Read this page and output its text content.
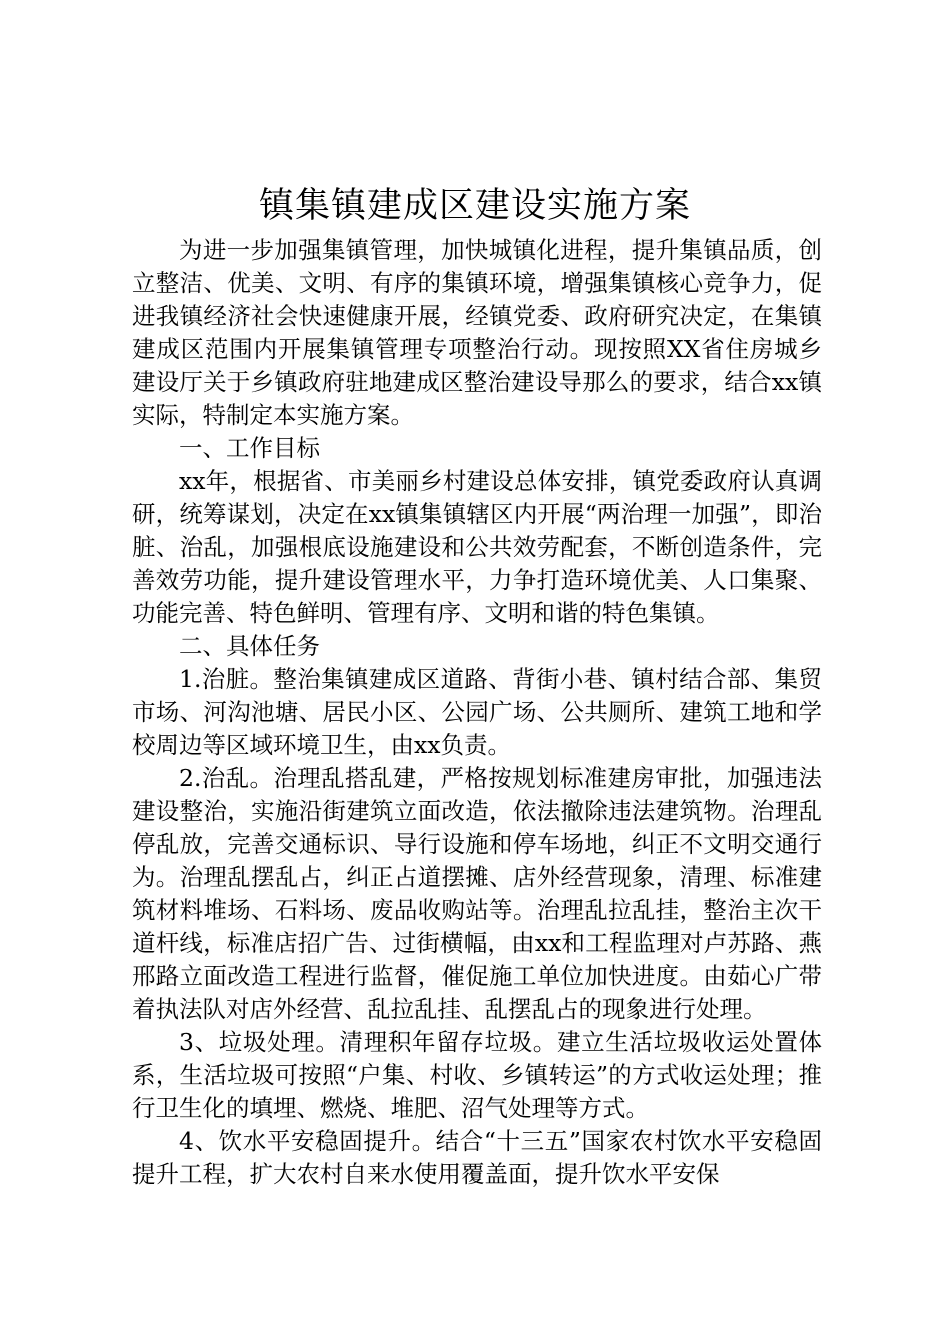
镇集镇建成区建设实施方案

为进一步加强集镇管理，加快城镇化进程，提升集镇品质，创立整洁、优美、文明、有序的集镇环境，增强集镇核心竞争力，促进我镇经济社会快速健康开展，经镇党委、政府研究决定，在集镇建成区范围内开展集镇管理专项整治行动。现按照XX省住房城乡建设厅关于乡镇政府驻地建成区整治建设导那么的要求，结合xx镇实际，特制定本实施方案。

一、工作目标

xx年，根据省、市美丽乡村建设总体安排，镇党委政府认真调研，统筹谋划，决定在xx镇集镇辖区内开展“两治理一加强”，即治脏、治乱，加强根底设施建设和公共效劳配套，不断创造条件，完善效劳功能，提升建设管理水平，力争打造环境优美、人口集聚、功能完善、特色鲜明、管理有序、文明和谐的特色集镇。

二、具体任务

1.治脏。整治集镇建成区道路、背街小巷、镇村结合部、集贸市场、河沟池塘、居民小区、公园广场、公共厕所、建筑工地和学校周边等区域环境卫生，由xx负责。

2.治乱。治理乱搭乱建，严格按规划标准建房审批，加强违法建设整治，实施沿街建筑立面改造，依法撤除违法建筑物。治理乱停乱放，完善交通标识、导行设施和停车场地，纠正不文明交通行为。治理乱摆乱占，纠正占道摆摊、店外经营现象，清理、标准建筑材料堆场、石料场、废品收购站等。治理乱拉乱挂，整治主次干道杆线，标准店招广告、过街横幅，由xx和工程监理对卢苏路、燕邢路立面改造工程进行监督，催促施工单位加快进度。由茹心广带着执法队对店外经营、乱拉乱挂、乱摆乱占的现象进行处理。

3、垃圾处理。清理积年留存垃圾。建立生活垃圾收运处置体系，生活垃圾可按照“户集、村收、乡镇转运”的方式收运处理；推行卫生化的填埋、燃烧、堆肥、沼气处理等方式。

4、饮水平安稳固提升。结合“十三五”国家农村饮水平安稳固提升工程，扩大农村自来水使用覆盖面，提升饮水平安保
